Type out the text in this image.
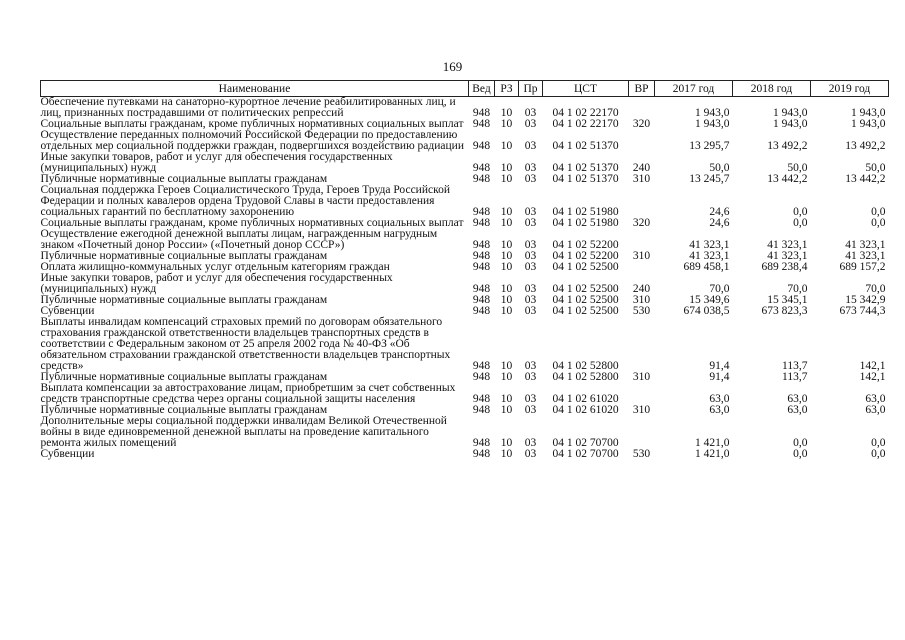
169
Наименование	Вед	РЗ	Пр	ЦСТ	ВР	2017 год	2018 год	2019 год
Обеспечение путевками на санаторно-курортное лечение реабилитированных лиц, и лиц, признанных пострадавшими от политических репрессий	948	10	03	04 1 02 22170		1 943,0	1 943,0	1 943,0
Социальные выплаты гражданам, кроме публичных нормативных социальных выплат	948	10	03	04 1 02 22170	320	1 943,0	1 943,0	1 943,0
Осуществление переданных полномочий Российской Федерации по предоставлению отдельных мер социальной поддержки граждан, подвергшихся воздействию радиации	948	10	03	04 1 02 51370		13 295,7	13 492,2	13 492,2
Иные закупки товаров, работ и услуг для обеспечения государственных (муниципальных) нужд	948	10	03	04 1 02 51370	240	50,0	50,0	50,0
Публичные нормативные социальные выплаты гражданам	948	10	03	04 1 02 51370	310	13 245,7	13 442,2	13 442,2
Социальная поддержка Героев Социалистического Труда, Героев Труда Российской Федерации и полных кавалеров ордена Трудовой Славы в части предоставления социальных гарантий по бесплатному захоронению	948	10	03	04 1 02 51980		24,6	0,0	0,0
Социальные выплаты гражданам, кроме публичных нормативных социальных выплат	948	10	03	04 1 02 51980	320	24,6	0,0	0,0
Осуществление ежегодной денежной выплаты лицам, награжденным нагрудным знаком «Почетный донор России» («Почетный донор СССР»)	948	10	03	04 1 02 52200		41 323,1	41 323,1	41 323,1
Публичные нормативные социальные выплаты гражданам	948	10	03	04 1 02 52200	310	41 323,1	41 323,1	41 323,1
Оплата жилищно-коммунальных услуг отдельным категориям граждан	948	10	03	04 1 02 52500		689 458,1	689 238,4	689 157,2
Иные закупки товаров, работ и услуг для обеспечения государственных (муниципальных) нужд	948	10	03	04 1 02 52500	240	70,0	70,0	70,0
Публичные нормативные социальные выплаты гражданам	948	10	03	04 1 02 52500	310	15 349,6	15 345,1	15 342,9
Субвенции	948	10	03	04 1 02 52500	530	674 038,5	673 823,3	673 744,3
Выплаты инвалидам компенсаций страховых премий по договорам обязательного страхования гражданской ответственности владельцев транспортных средств в соответствии с Федеральным законом от 25 апреля 2002 года № 40-ФЗ «Об обязательном страховании гражданской ответственности владельцев транспортных средств»	948	10	03	04 1 02 52800		91,4	113,7	142,1
Публичные нормативные социальные выплаты гражданам	948	10	03	04 1 02 52800	310	91,4	113,7	142,1
Выплата компенсации за автострахование лицам, приобретшим за счет собственных средств транспортные средства через органы социальной защиты населения	948	10	03	04 1 02 61020		63,0	63,0	63,0
Публичные нормативные социальные выплаты гражданам	948	10	03	04 1 02 61020	310	63,0	63,0	63,0
Дополнительные меры социальной поддержки инвалидам Великой Отечественной войны в виде единовременной денежной выплаты на проведение капитального ремонта жилых помещений	948	10	03	04 1 02 70700		1 421,0	0,0	0,0
Субвенции	948	10	03	04 1 02 70700	530	1 421,0	0,0	0,0
